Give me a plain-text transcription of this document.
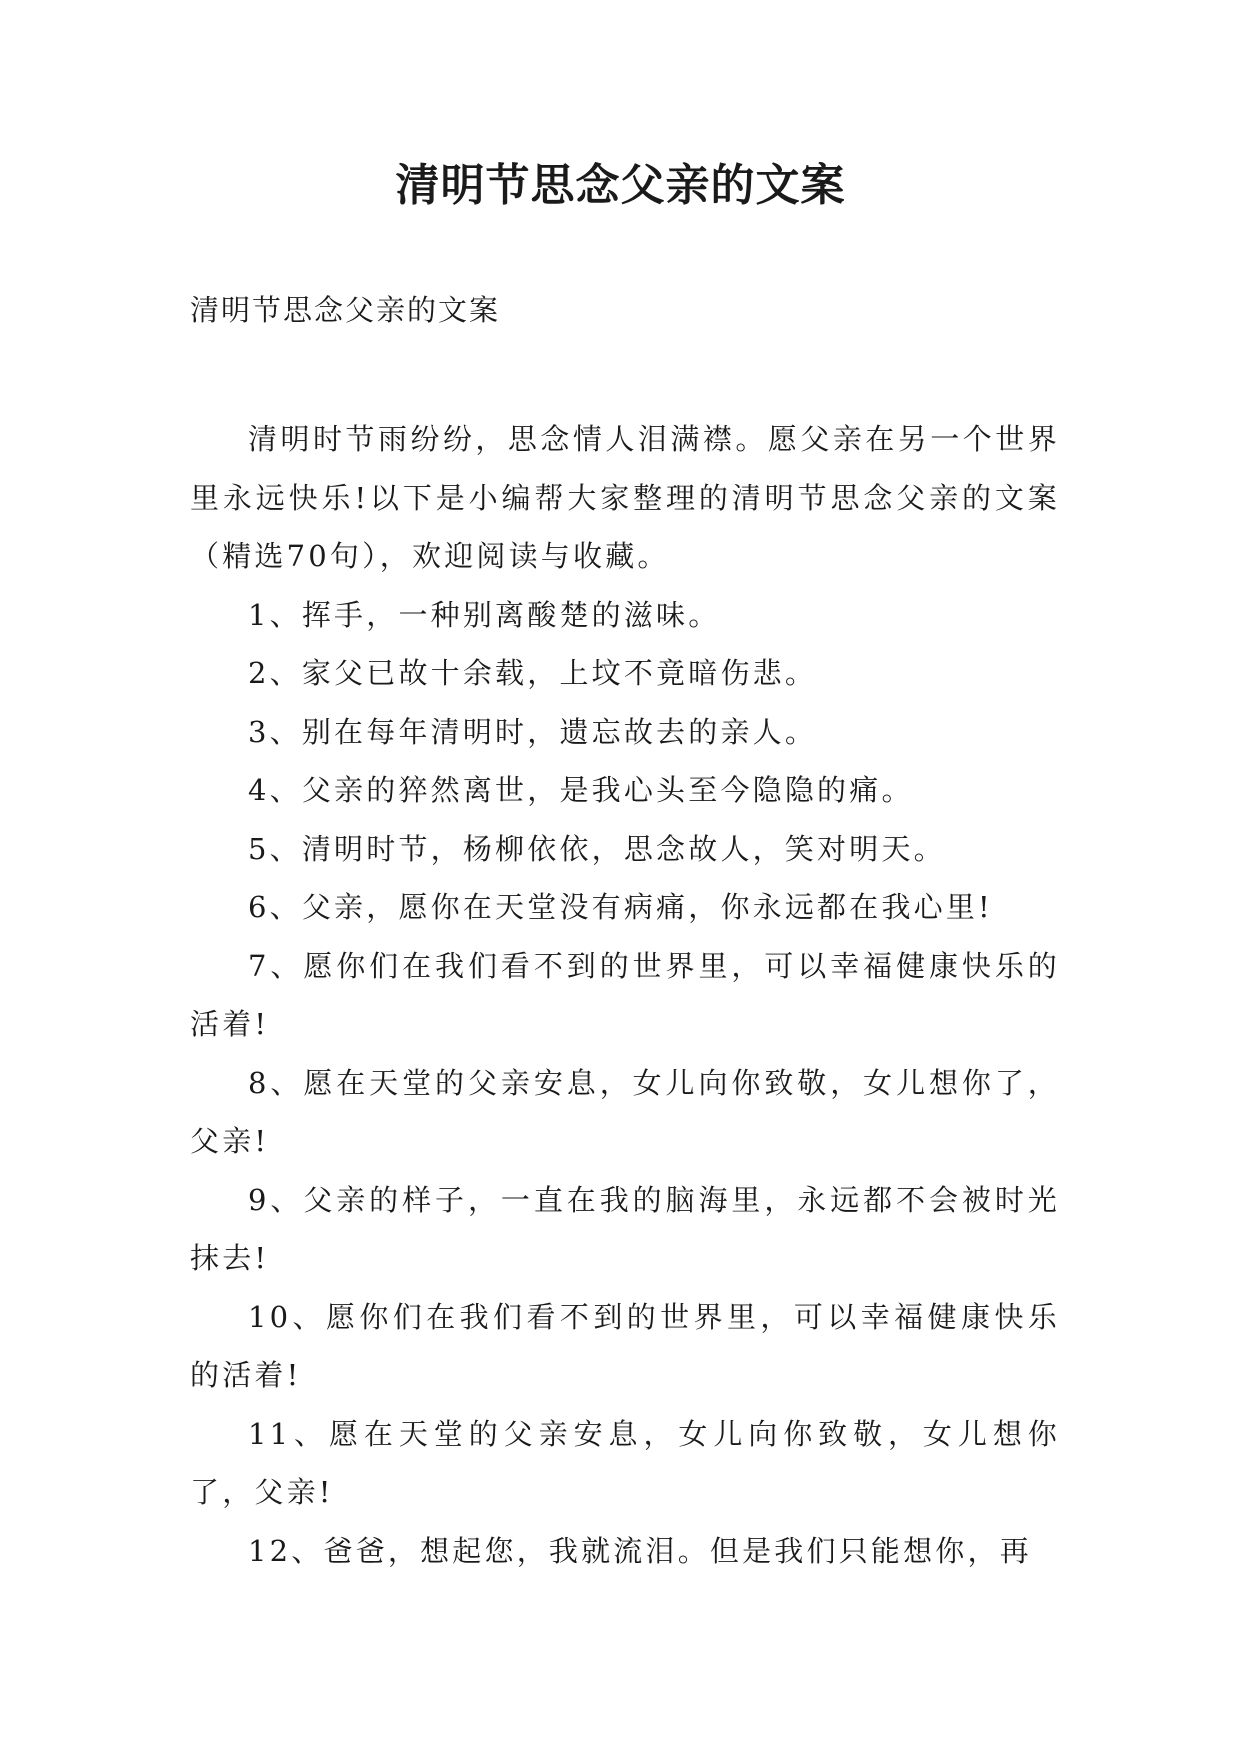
清明节思念父亲的文案

清明节思念父亲的文案

清明时节雨纷纷，思念情人泪满襟。愿父亲在另一个世界里永远快乐!以下是小编帮大家整理的清明节思念父亲的文案（精选70句），欢迎阅读与收藏。

1、挥手，一种别离酸楚的滋味。

2、家父已故十余载，上坟不竟暗伤悲。

3、别在每年清明时，遗忘故去的亲人。

4、父亲的猝然离世，是我心头至今隐隐的痛。

5、清明时节，杨柳依依，思念故人，笑对明天。

6、父亲，愿你在天堂没有病痛，你永远都在我心里!

7、愿你们在我们看不到的世界里，可以幸福健康快乐的活着!

8、愿在天堂的父亲安息，女儿向你致敬，女儿想你了，父亲!

9、父亲的样子，一直在我的脑海里，永远都不会被时光抹去!

10、愿你们在我们看不到的世界里，可以幸福健康快乐的活着!

11、愿在天堂的父亲安息，女儿向你致敬，女儿想你了，父亲!

12、爸爸，想起您，我就流泪。但是我们只能想你，再
